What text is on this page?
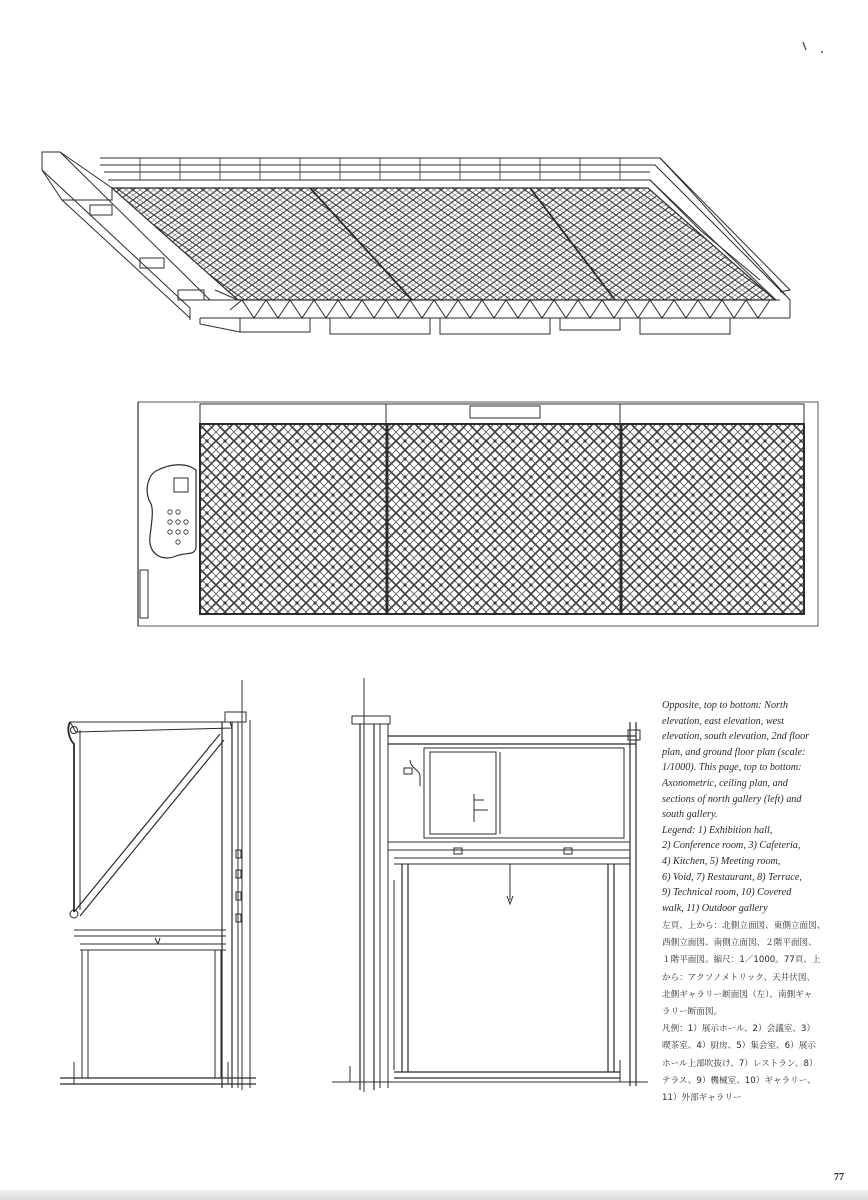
Opposite, top to bottom: North

elevation, east elevation, west

elevation, south elevation, 2nd floor

plan, and ground floor plan (scale:

1/1000). This page, top to bottom:

Axonometric, ceiling plan, and

sections of north gallery (left) and

south gallery.

Legend: 1) Exhibition hall,

2) Conference room, 3) Cafeteria,

4) Kitchen, 5) Meeting room,

6) Void, 7) Restaurant, 8) Terrace,

9) Technical room, 10) Covered

walk, 11) Outdoor gallery

左頁、上から：北側立面図、東側立面図、

西側立面図、南側立面図、２階平面図、

１階平面図。縮尺：1／1000。77頁、上

から：アクソノメトリック、天井伏図、

北側ギャラリー断面図（左）、南側ギャ

ラリー断面図。

凡例：1）展示ホール、2）会議室、3）

喫茶室、4）厨房、5）集会室、6）展示

ホール上部吹抜け、7）レストラン、8）

テラス、9）機械室、10）ギャラリー、

11）外部ギャラリー

77
